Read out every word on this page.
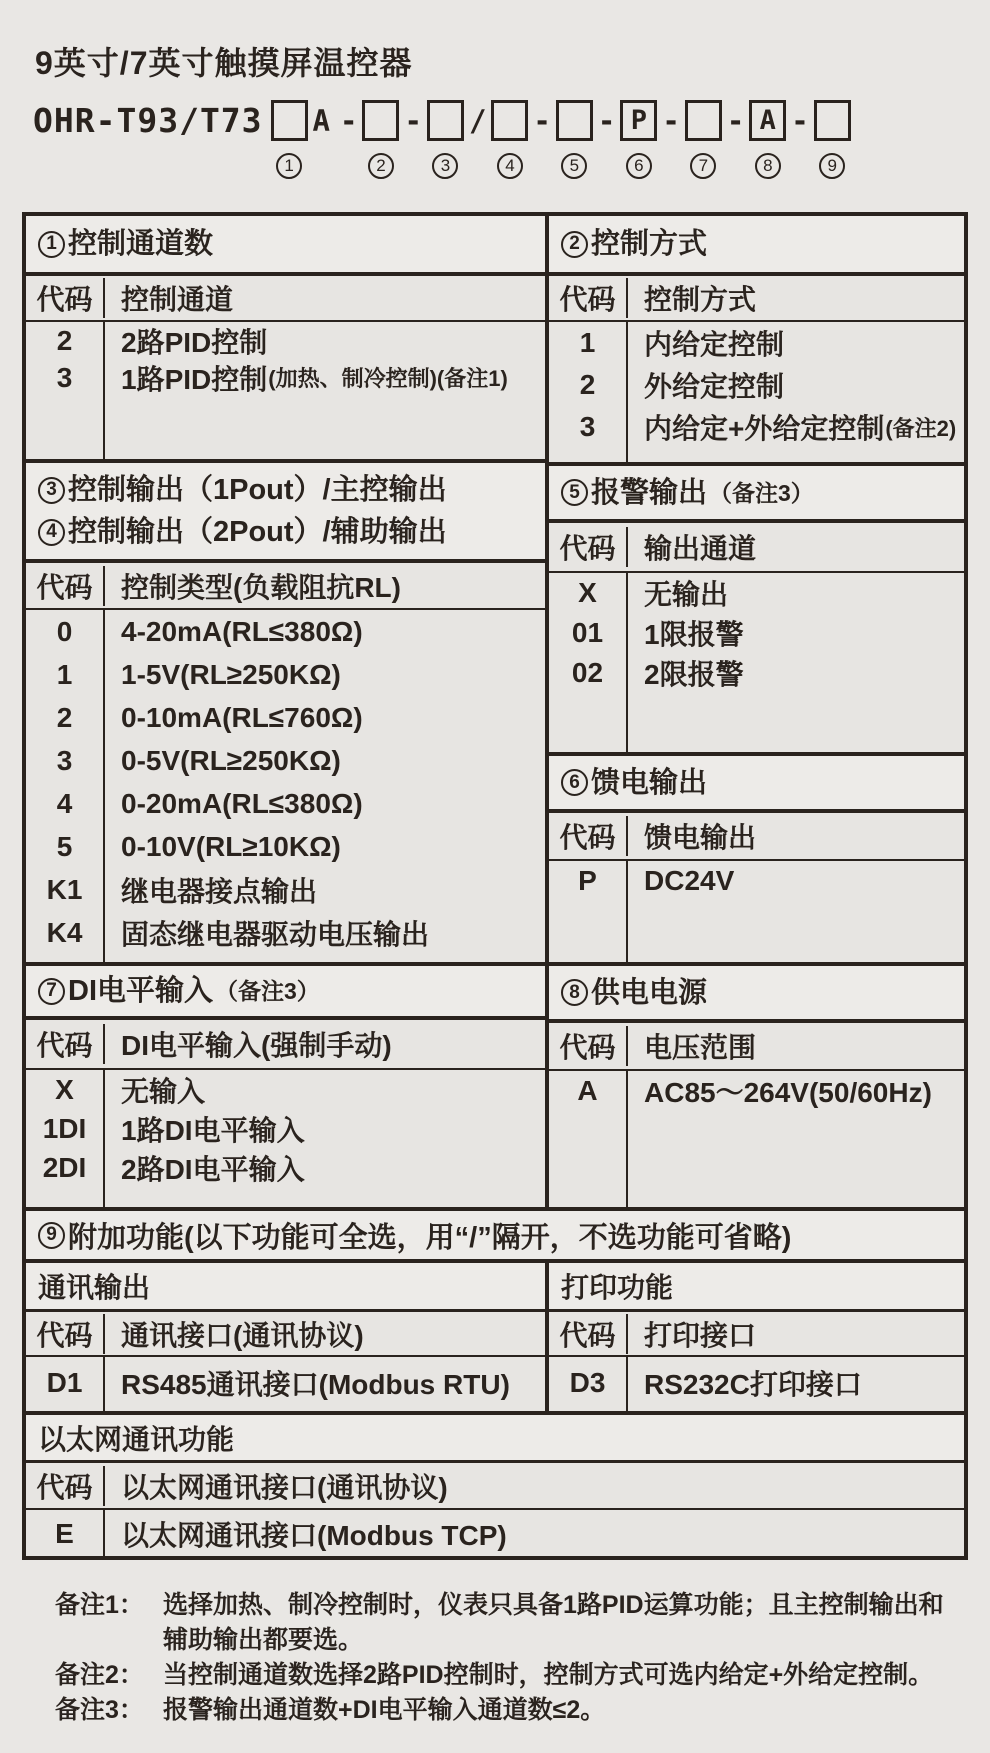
9英寸/7英寸触摸屏温控器
OHR-T93/T73
1
A -
2
-
3
/
4
-
5
- P
6
-
7
- A
8
-
9
1 控制通道数
代码	控制通道
2	2路PID控制
3	1路PID控制 (加热、制冷控制)(备注1)
3 控制输出（1Pout）/主控输出
4 控制输出（2Pout）/辅助输出
代码	控制类型(负载阻抗RL)
0	4-20mA(RL≤380Ω)
1	1-5V(RL≥250KΩ)
2	0-10mA(RL≤760Ω)
3	0-5V(RL≥250KΩ)
4	0-20mA(RL≤380Ω)
5	0-10V(RL≥10KΩ)
K1	继电器接点输出
K4	固态继电器驱动电压输出
7 DI电平输入 （备注3）
代码	DI电平输入(强制手动)
X	无输入
1DI	1路DI电平输入
2DI	2路DI电平输入
2 控制方式
代码	控制方式
1	内给定控制
2	外给定控制
3	内给定+外给定控制 (备注2)
5 报警输出 （备注3）
代码	输出通道
X	无输出
01	1限报警
02	2限报警
6 馈电输出
代码	馈电输出
P	DC24V
8 供电电源
代码	电压范围
A	AC85～264V(50/60Hz)
9 附加功能(以下功能可全选，用“/”隔开，不选功能可省略)
通讯输出
代码	通讯接口(通讯协议)
D1	RS485通讯接口(Modbus RTU)
打印功能
代码	打印接口
D3	RS232C打印接口
以太网通讯功能
代码	以太网通讯接口(通讯协议)
E	以太网通讯接口(Modbus TCP)
备注1： 选择加热、制冷控制时，仪表只具备1路PID运算功能；且主控制输出和辅助输出都要选。
备注2： 当控制通道数选择2路PID控制时，控制方式可选内给定+外给定控制。
备注3： 报警输出通道数+DI电平输入通道数≤2。
